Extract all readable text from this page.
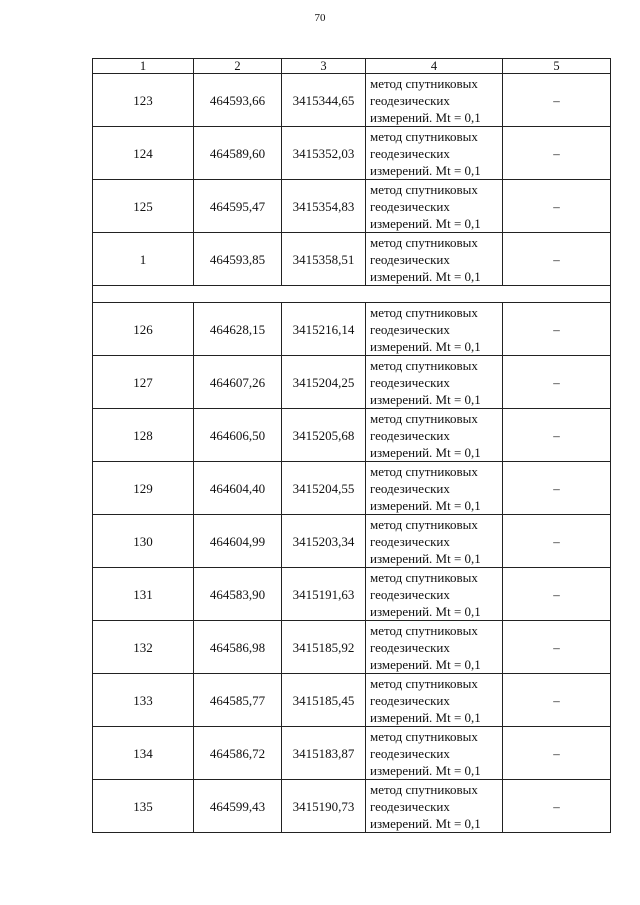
70
1	2	3	4	5
123	464593,66	3415344,65	метод спутниковых
геодезических
измерений. Mt = 0,1	–
124	464589,60	3415352,03	метод спутниковых
геодезических
измерений. Mt = 0,1	–
125	464595,47	3415354,83	метод спутниковых
геодезических
измерений. Mt = 0,1	–
1	464593,85	3415358,51	метод спутниковых
геодезических
измерений. Mt = 0,1	–

126	464628,15	3415216,14	метод спутниковых
геодезических
измерений. Mt = 0,1	–
127	464607,26	3415204,25	метод спутниковых
геодезических
измерений. Mt = 0,1	–
128	464606,50	3415205,68	метод спутниковых
геодезических
измерений. Mt = 0,1	–
129	464604,40	3415204,55	метод спутниковых
геодезических
измерений. Mt = 0,1	–
130	464604,99	3415203,34	метод спутниковых
геодезических
измерений. Mt = 0,1	–
131	464583,90	3415191,63	метод спутниковых
геодезических
измерений. Mt = 0,1	–
132	464586,98	3415185,92	метод спутниковых
геодезических
измерений. Mt = 0,1	–
133	464585,77	3415185,45	метод спутниковых
геодезических
измерений. Mt = 0,1	–
134	464586,72	3415183,87	метод спутниковых
геодезических
измерений. Mt = 0,1	–
135	464599,43	3415190,73	метод спутниковых
геодезических
измерений. Mt = 0,1	–
